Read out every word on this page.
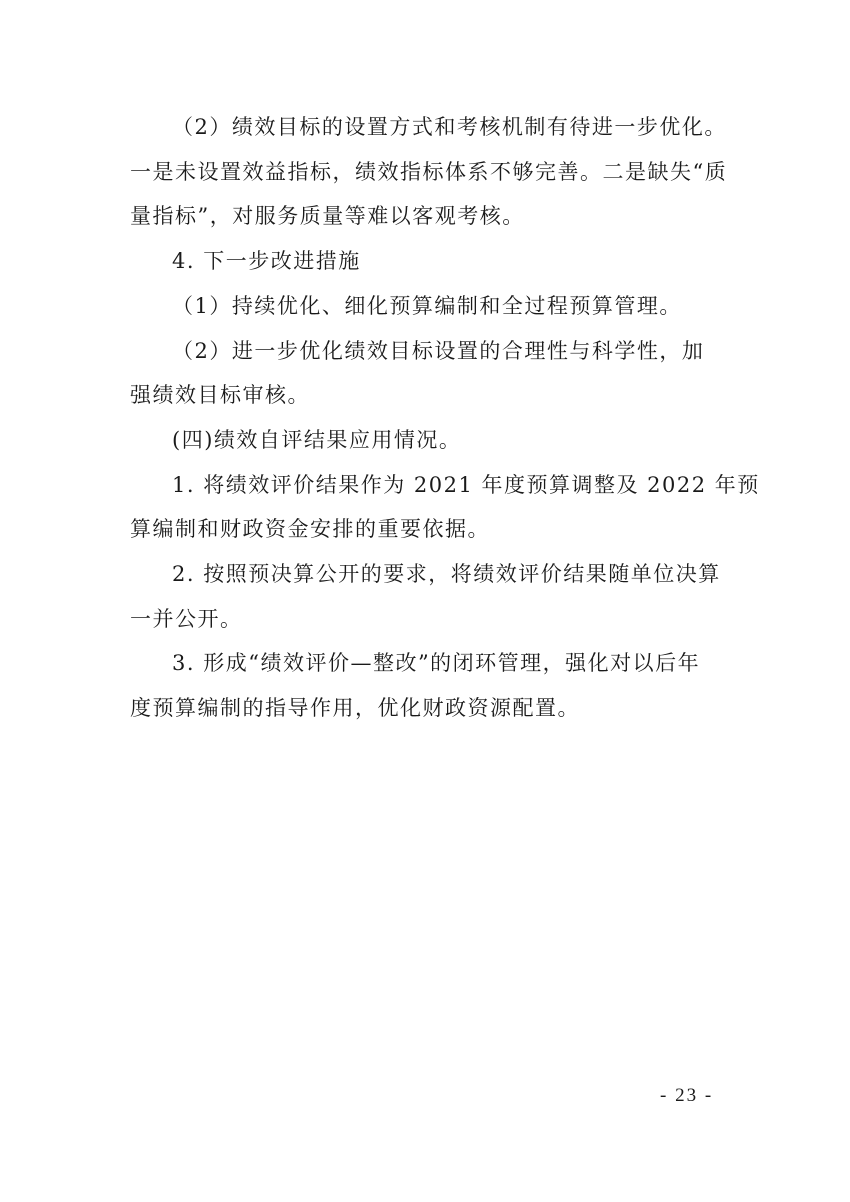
（2）绩效目标的设置方式和考核机制有待进一步优化。
一是未设置效益指标，绩效指标体系不够完善。二是缺失“质
量指标”，对服务质量等难以客观考核。
4. 下一步改进措施
（1）持续优化、细化预算编制和全过程预算管理。
（2）进一步优化绩效目标设置的合理性与科学性，加
强绩效目标审核。
(四)绩效自评结果应用情况。
1. 将绩效评价结果作为 2021 年度预算调整及 2022 年预
算编制和财政资金安排的重要依据。
2. 按照预决算公开的要求，将绩效评价结果随单位决算
一并公开。
3. 形成“绩效评价—整改”的闭环管理，强化对以后年
度预算编制的指导作用，优化财政资源配置。
- 23 -
